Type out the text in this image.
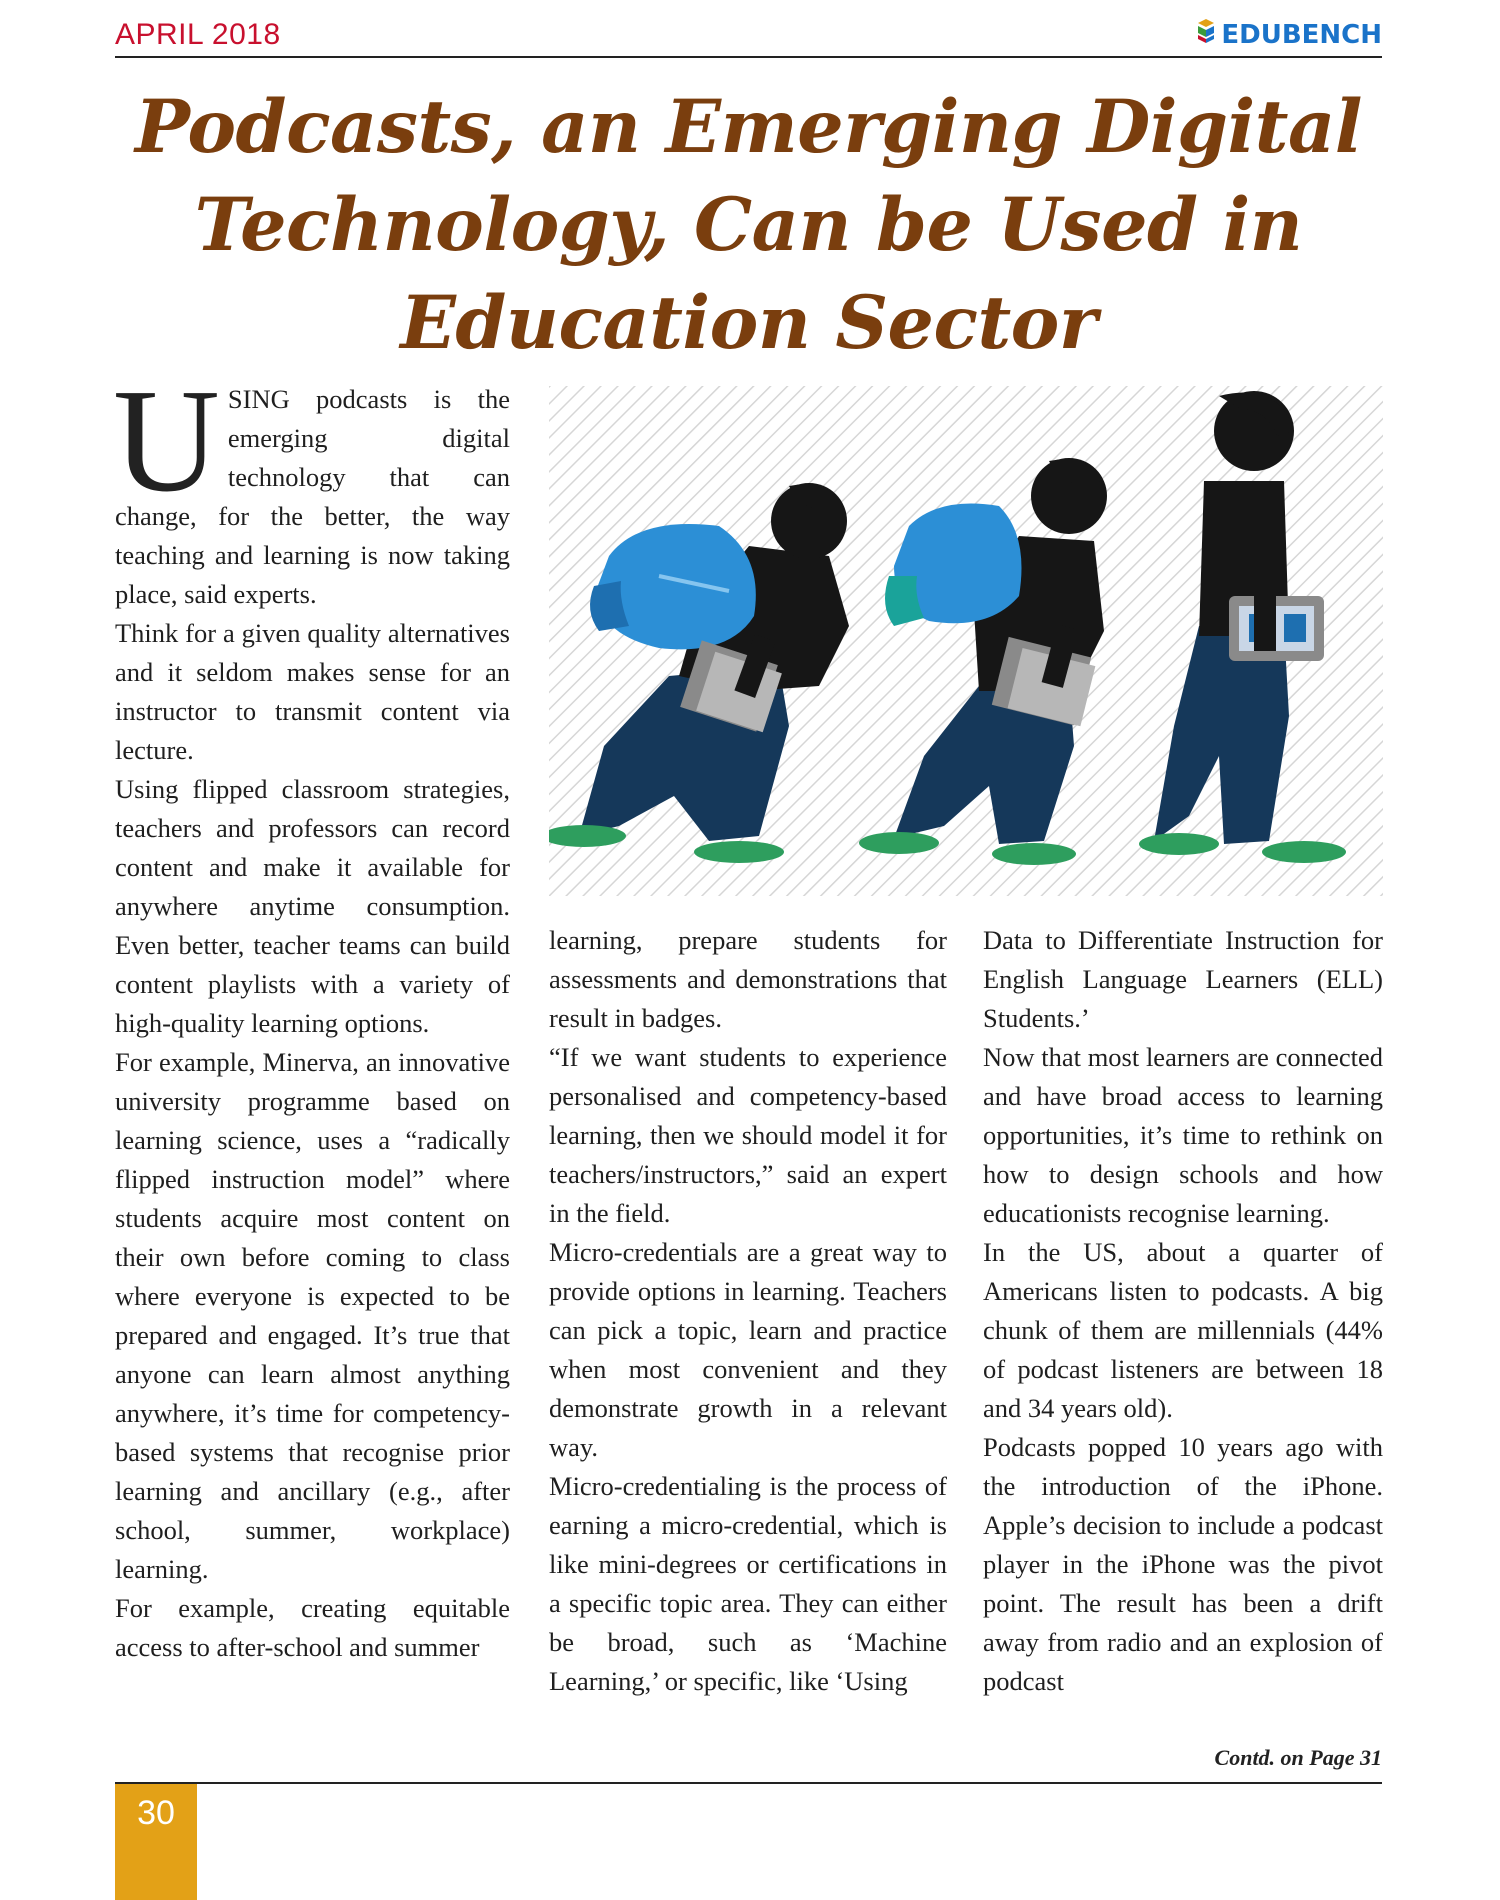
APRIL 2018	EDUBENCH
Podcasts, an Emerging Digital Technology, Can be Used in Education Sector
U SING podcasts is the emerging digital technology that can change, for the better, the way teaching and learning is now taking place, said experts.

Think for a given quality alternatives and it seldom makes sense for an instructor to transmit content via lecture.

Using flipped classroom strategies, teachers and professors can record content and make it available for anywhere anytime consumption. Even better, teacher teams can build content playlists with a variety of high-quality learning options.

For example, Minerva, an innovative university programme based on learning science, uses a “radically flipped instruction model” where students acquire most content on their own before coming to class where everyone is expected to be prepared and engaged. It’s true that anyone can learn almost anything anywhere, it’s time for competency-based systems that recognise prior learning and ancillary (e.g., after school, summer, workplace) learning.

For example, creating equitable access to after-school and summer

learning, prepare students for assessments and demonstrations that result in badges.

“If we want students to experience personalised and competency-based learning, then we should model it for teachers/instructors,” said an expert in the field.

Micro-credentials are a great way to provide options in learning. Teachers can pick a topic, learn and practice when most convenient and they demonstrate growth in a relevant way.

Micro-credentialing is the process of earning a micro-credential, which is like mini-degrees or certifications in a specific topic area. They can either be broad, such as ‘Machine Learning,’ or specific, like ‘Using

Data to Differentiate Instruction for English Language Learners (ELL) Students.’

Now that most learners are connected and have broad access to learning opportunities, it’s time to rethink on how to design schools and how educationists recognise learning.

In the US, about a quarter of Americans listen to podcasts. A big chunk of them are millennials (44% of podcast listeners are between 18 and 34 years old).

Podcasts popped 10 years ago with the introduction of the iPhone. Apple’s decision to include a podcast player in the iPhone was the pivot point. The result has been a drift away from radio and an explosion of podcast

Contd. on Page 31
30
